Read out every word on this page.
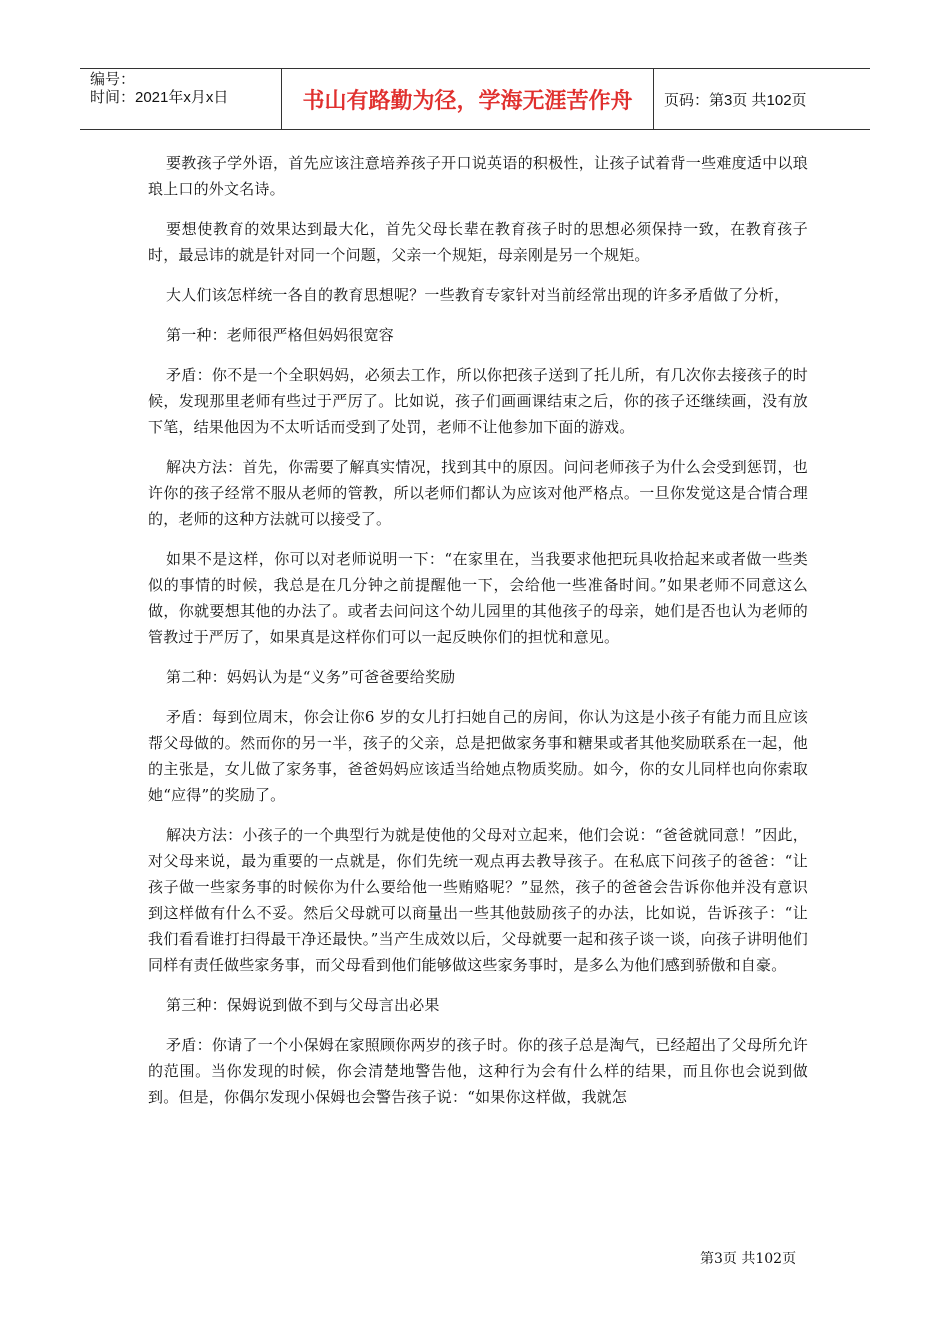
编号：
时间：2021年x月x日	书山有路勤为径，学海无涯苦作舟	页码：第3页 共102页

要教孩子学外语，首先应该注意培养孩子开口说英语的积极性，让孩子试着背一些难度适中以琅琅上口的外文名诗。

要想使教育的效果达到最大化，首先父母长辈在教育孩子时的思想必须保持一致，在教育孩子时，最忌讳的就是针对同一个问题，父亲一个规矩，母亲刚是另一个规矩。

大人们该怎样统一各自的教育思想呢？一些教育专家针对当前经常出现的许多矛盾做了分析，

第一种：老师很严格但妈妈很宽容

矛盾：你不是一个全职妈妈，必须去工作，所以你把孩子送到了托儿所，有几次你去接孩子的时候，发现那里老师有些过于严厉了。比如说，孩子们画画课结束之后，你的孩子还继续画，没有放下笔，结果他因为不太听话而受到了处罚，老师不让他参加下面的游戏。

解决方法：首先，你需要了解真实情况，找到其中的原因。问问老师孩子为什么会受到惩罚，也许你的孩子经常不服从老师的管教，所以老师们都认为应该对他严格点。一旦你发觉这是合情合理的，老师的这种方法就可以接受了。

如果不是这样，你可以对老师说明一下：“在家里在，当我要求他把玩具收拾起来或者做一些类似的事情的时候，我总是在几分钟之前提醒他一下，会给他一些准备时间。”如果老师不同意这么做，你就要想其他的办法了。或者去问问这个幼儿园里的其他孩子的母亲，她们是否也认为老师的管教过于严厉了，如果真是这样你们可以一起反映你们的担忧和意见。

第二种：妈妈认为是“义务”可爸爸要给奖励

矛盾：每到位周末，你会让你6 岁的女儿打扫她自己的房间，你认为这是小孩子有能力而且应该帮父母做的。然而你的另一半，孩子的父亲，总是把做家务事和糖果或者其他奖励联系在一起，他的主张是，女儿做了家务事，爸爸妈妈应该适当给她点物质奖励。如今，你的女儿同样也向你索取她“应得”的奖励了。

解决方法：小孩子的一个典型行为就是使他的父母对立起来，他们会说：“爸爸就同意！”因此，对父母来说，最为重要的一点就是，你们先统一观点再去教导孩子。在私底下问孩子的爸爸：“让孩子做一些家务事的时候你为什么要给他一些贿赂呢？”显然，孩子的爸爸会告诉你他并没有意识到这样做有什么不妥。然后父母就可以商量出一些其他鼓励孩子的办法，比如说，告诉孩子：“让我们看看谁打扫得最干净还最快。”当产生成效以后，父母就要一起和孩子谈一谈，向孩子讲明他们同样有责任做些家务事，而父母看到他们能够做这些家务事时，是多么为他们感到骄傲和自豪。

第三种：保姆说到做不到与父母言出必果

矛盾：你请了一个小保姆在家照顾你两岁的孩子时。你的孩子总是淘气，已经超出了父母所允许的范围。当你发现的时候，你会清楚地警告他，这种行为会有什么样的结果，而且你也会说到做到。但是，你偶尔发现小保姆也会警告孩子说：“如果你这样做，我就怎

第3页 共102页
